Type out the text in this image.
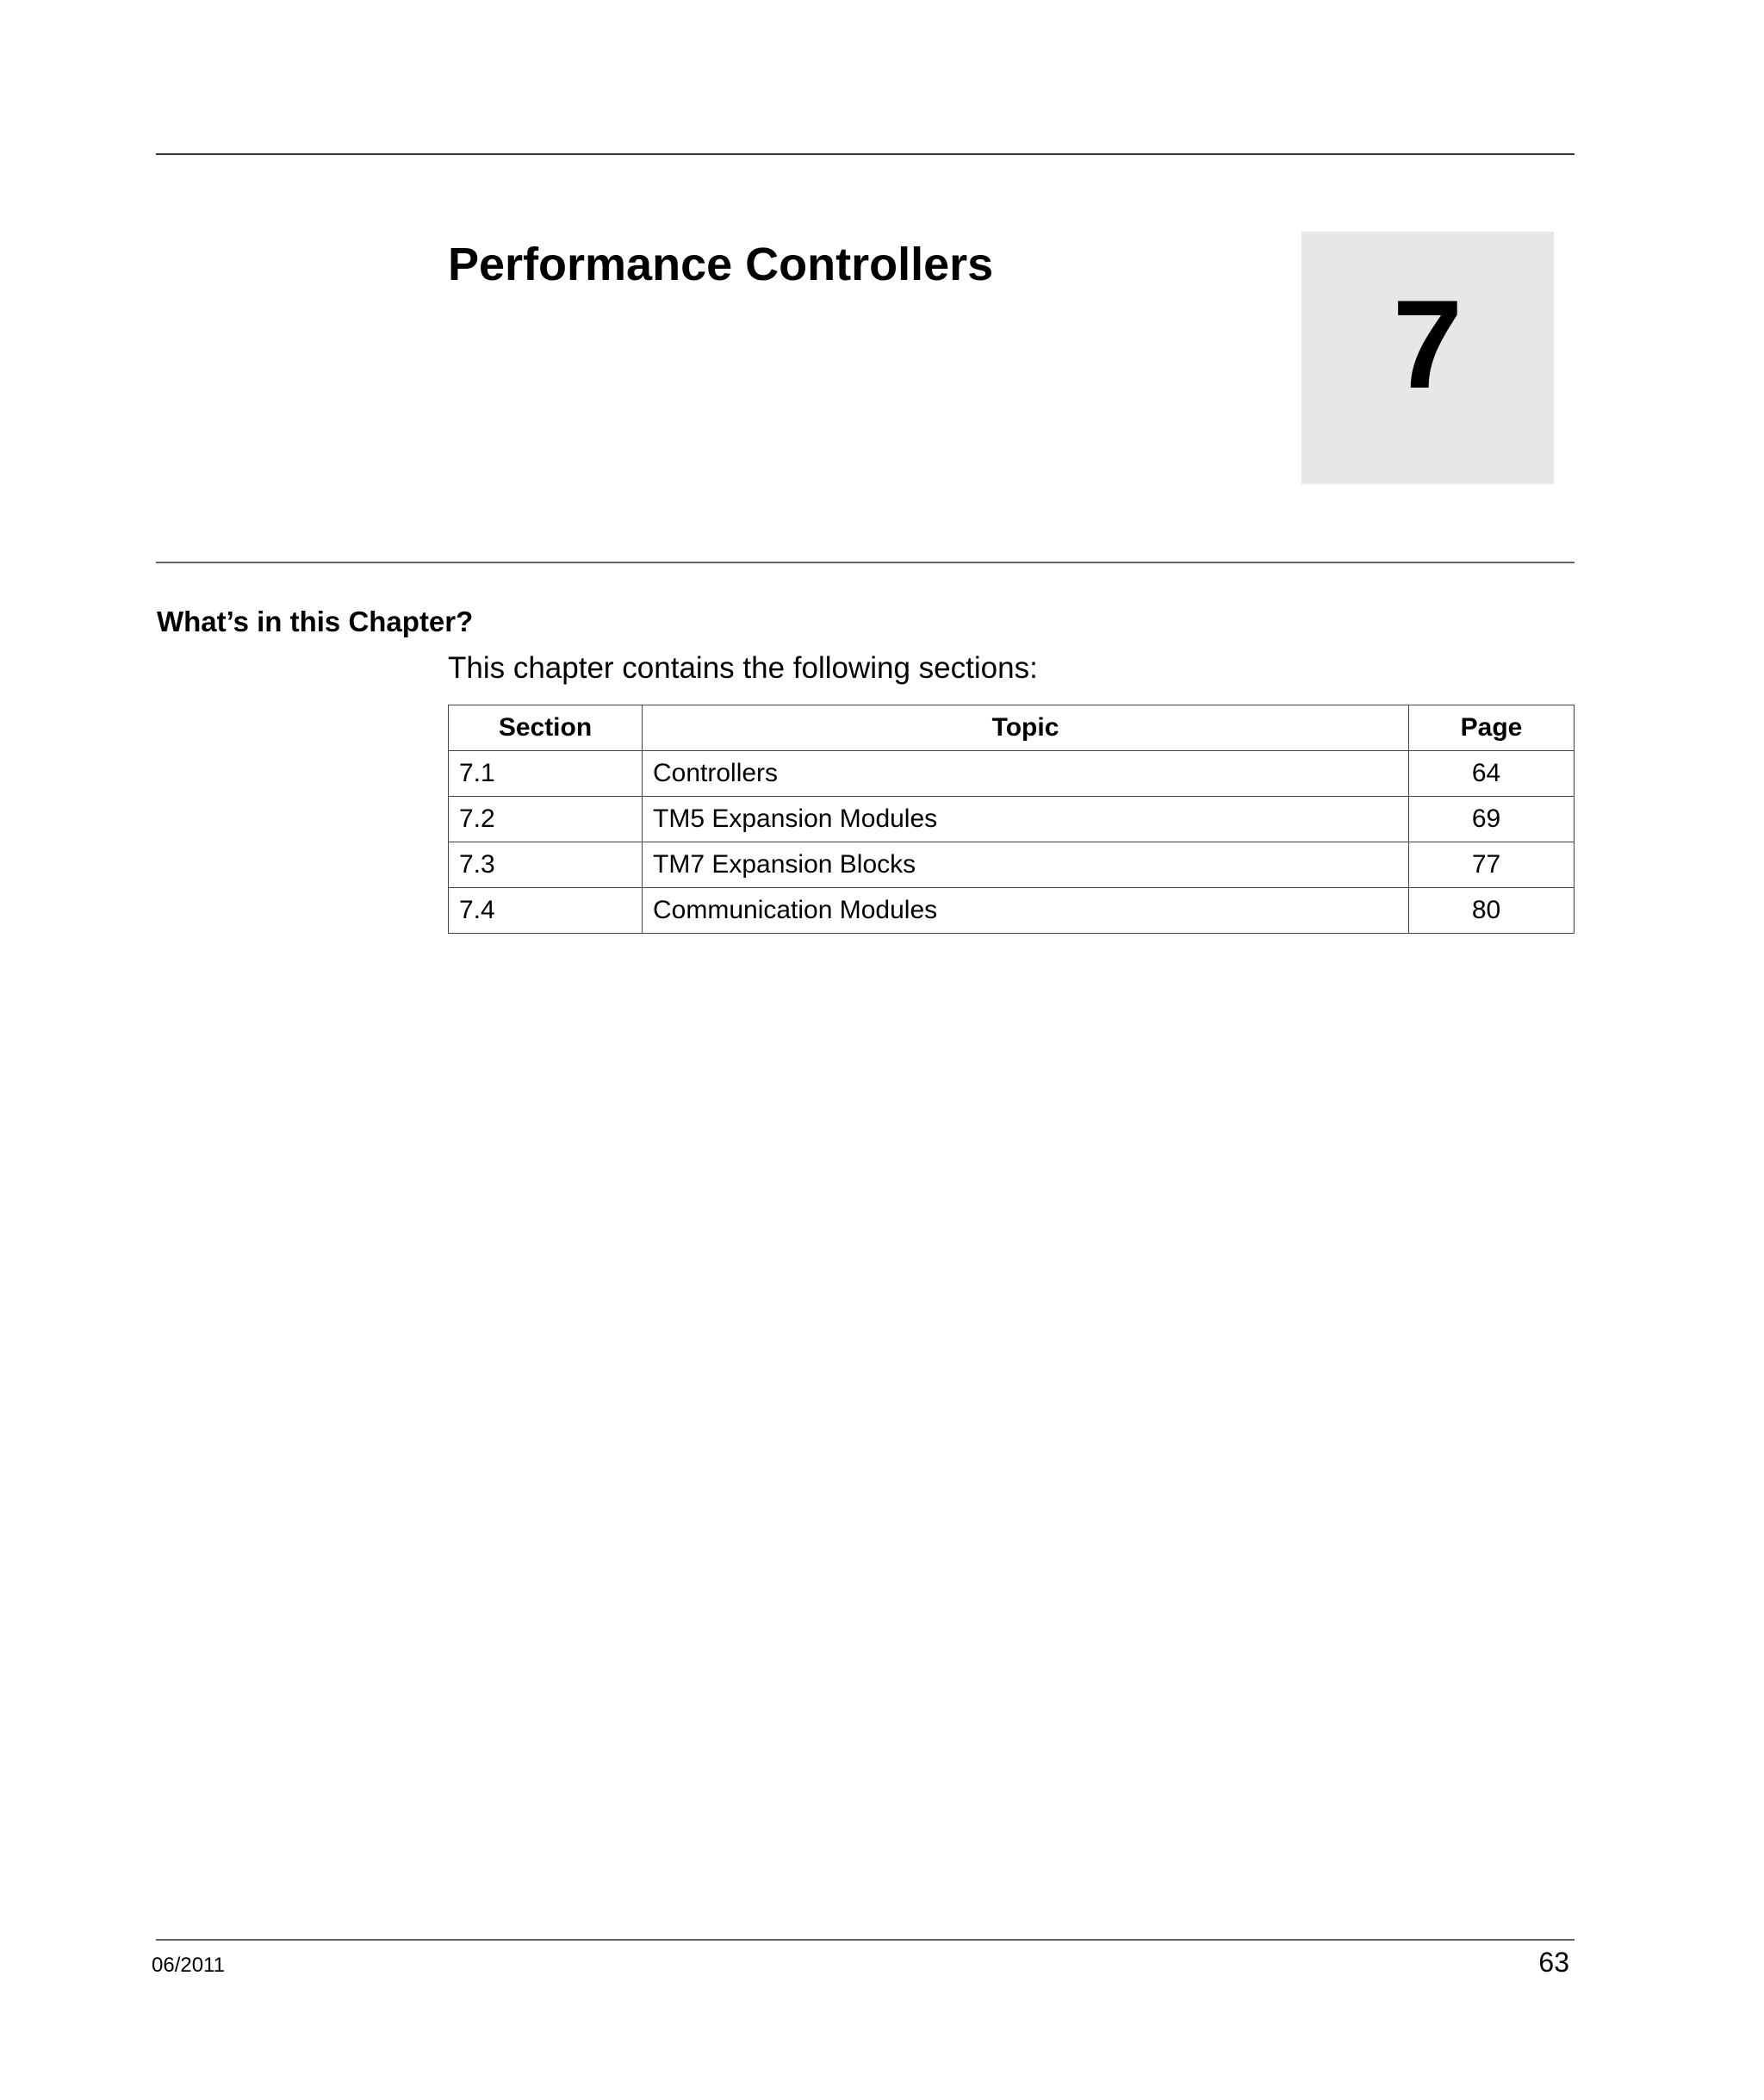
Performance Controllers
7
What’s in this Chapter?

This chapter contains the following sections:

Section	Topic	Page
7.1	Controllers	64
7.2	TM5 Expansion Modules	69
7.3	TM7 Expansion Blocks	77
7.4	Communication Modules	80
06/2011	63
